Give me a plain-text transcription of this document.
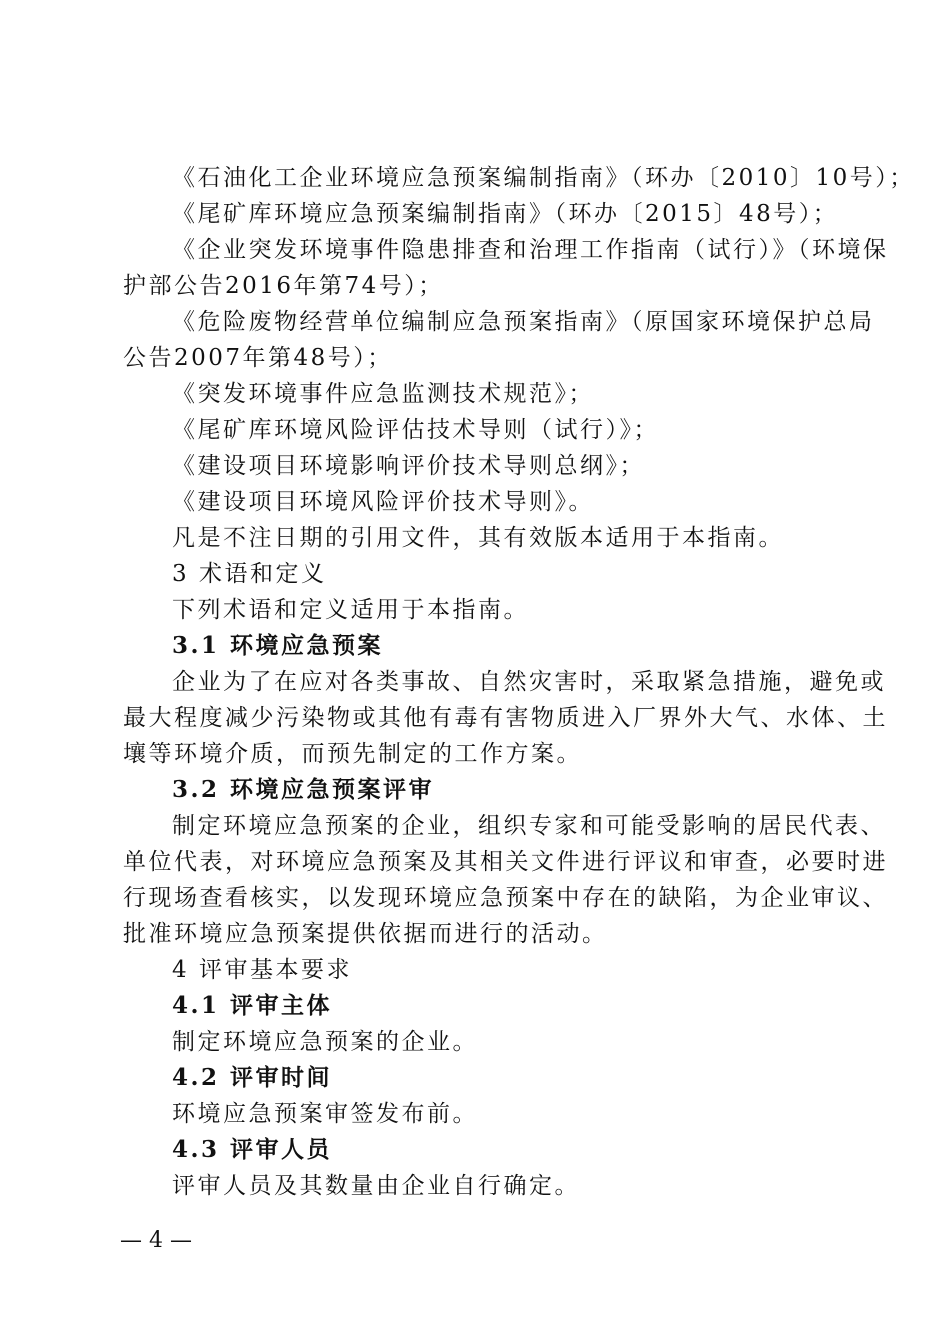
《石油化工企业环境应急预案编制指南》（环办〔2010〕10号）；
《尾矿库环境应急预案编制指南》（环办〔2015〕48号）；
《企业突发环境事件隐患排查和治理工作指南（试行）》（环境保
护部公告2016年第74号）；
《危险废物经营单位编制应急预案指南》（原国家环境保护总局
公告2007年第48号）；
《突发环境事件应急监测技术规范》；
《尾矿库环境风险评估技术导则（试行）》；
《建设项目环境影响评价技术导则总纲》；
《建设项目环境风险评价技术导则》。
凡是不注日期的引用文件，其有效版本适用于本指南。
3 术语和定义
下列术语和定义适用于本指南。
3.1 环境应急预案
企业为了在应对各类事故、自然灾害时，采取紧急措施，避免或
最大程度减少污染物或其他有毒有害物质进入厂界外大气、水体、土
壤等环境介质，而预先制定的工作方案。
3.2 环境应急预案评审
制定环境应急预案的企业，组织专家和可能受影响的居民代表、
单位代表，对环境应急预案及其相关文件进行评议和审查，必要时进
行现场查看核实，以发现环境应急预案中存在的缺陷，为企业审议、
批准环境应急预案提供依据而进行的活动。
4 评审基本要求
4.1 评审主体
制定环境应急预案的企业。
4.2 评审时间
环境应急预案审签发布前。
4.3 评审人员
评审人员及其数量由企业自行确定。
— 4 —
